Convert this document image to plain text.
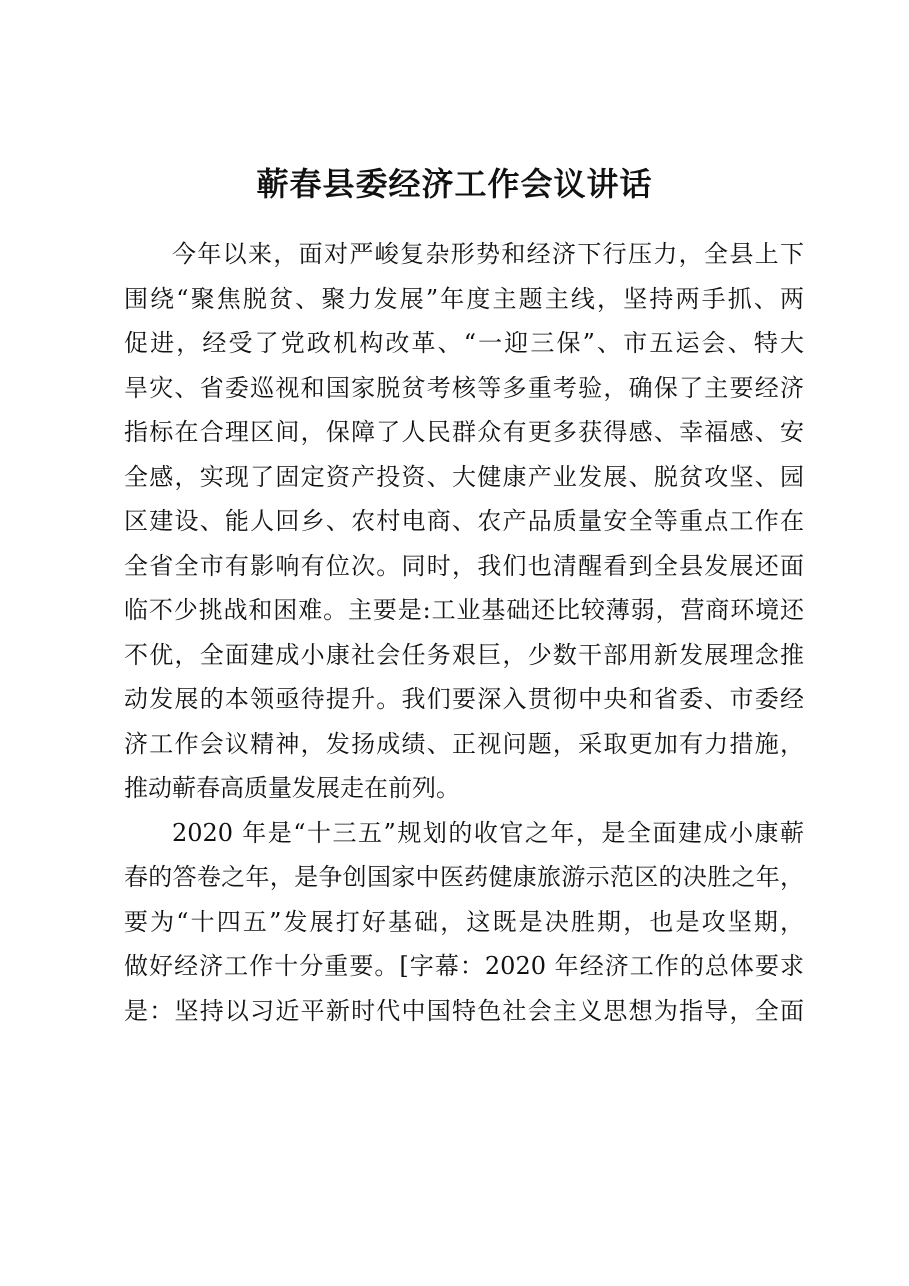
蕲春县委经济工作会议讲话
今年以来，面对严峻复杂形势和经济下行压力，全县上下
围绕“聚焦脱贫、聚力发展”年度主题主线，坚持两手抓、两
促进，经受了党政机构改革、“一迎三保”、市五运会、特大
旱灾、省委巡视和国家脱贫考核等多重考验，确保了主要经济
指标在合理区间，保障了人民群众有更多获得感、幸福感、安
全感，实现了固定资产投资、大健康产业发展、脱贫攻坚、园
区建设、能人回乡、农村电商、农产品质量安全等重点工作在
全省全市有影响有位次。同时，我们也清醒看到全县发展还面
临不少挑战和困难。主要是:工业基础还比较薄弱，营商环境还
不优，全面建成小康社会任务艰巨，少数干部用新发展理念推
动发展的本领亟待提升。我们要深入贯彻中央和省委、市委经
济工作会议精神，发扬成绩、正视问题，采取更加有力措施，
推动蕲春高质量发展走在前列。
2020 年是“十三五”规划的收官之年，是全面建成小康蕲
春的答卷之年，是争创国家中医药健康旅游示范区的决胜之年，
要为“十四五”发展打好基础，这既是决胜期，也是攻坚期，
做好经济工作十分重要。[字幕：2020 年经济工作的总体要求
是：坚持以习近平新时代中国特色社会主义思想为指导，全面
